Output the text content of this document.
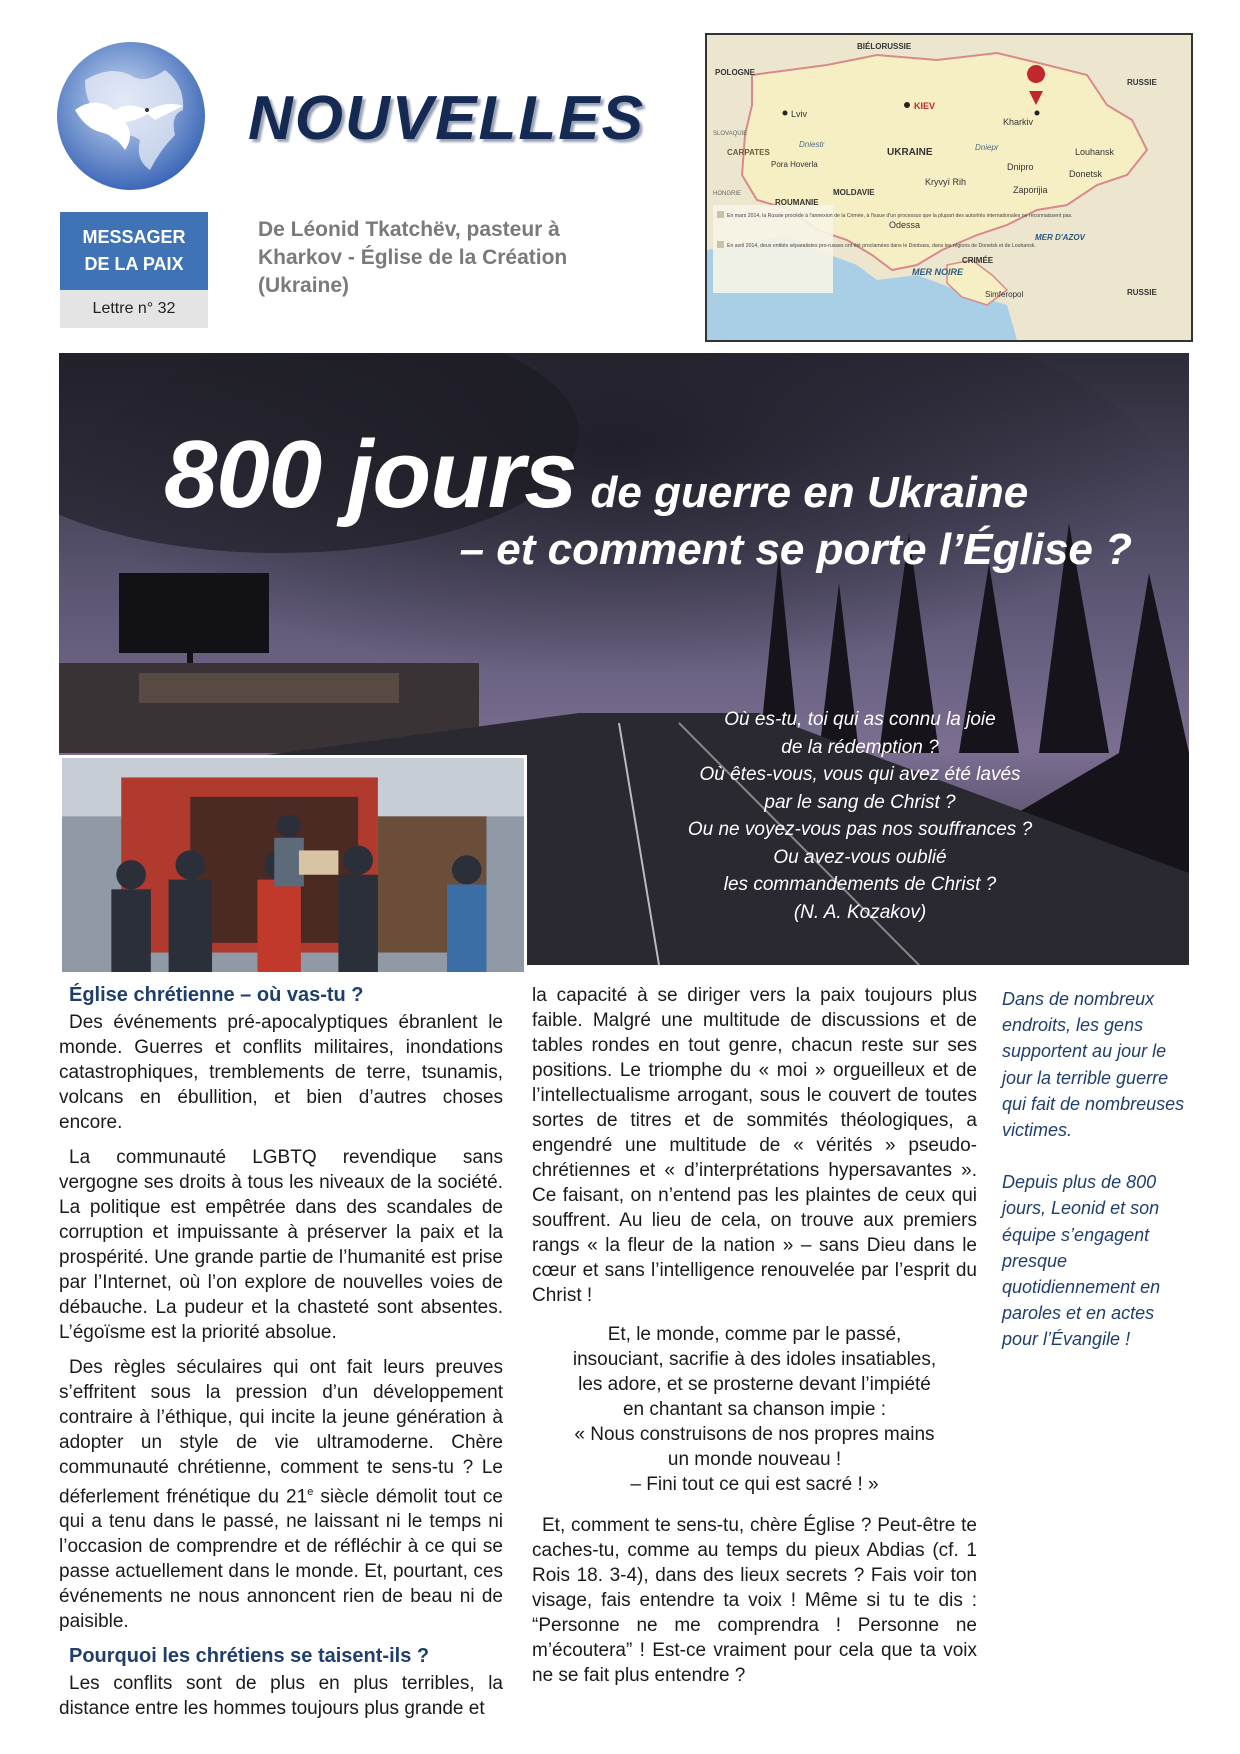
NOUVELLES
MESSAGER
DE LA PAIX
Lettre n° 32
De Léonid Tkatchëv, pasteur à
Kharkov - Église de la Création
(Ukraine)
En mars 2014, la Russie procède à l'annexion de la Crimée, à l'issue d'un processus que la plupart des autorités internationales ne reconnaissent pas.
En avril 2014, deux entités séparatistes pro-russes ont été proclamées dans le Donbass, dans les régions de Donetsk et de Louhansk.
BIÉLORUSSIE
POLOGNE
RUSSIE
RUSSIE
KIEV
Lviv
Kharkiv
UKRAINE	Louhansk
Donetsk
Dnipro
Dniepr
Dniestr
Zaporijia
Kryvyï Rih
Odessa
MOLDAVIE
ROUMANIE
CARPATES
Pora Hoverla
SLOVAQUIE
HONGRIE
MER D'AZOV
MER NOIRE
CRIMÉE
Simferopol
800 jours de guerre en Ukraine
– et comment se porte l’Église ?
Où es-tu, toi qui as connu la joie
de la rédemption ?
Où êtes-vous, vous qui avez été lavés
par le sang de Christ ?
Ou ne voyez-vous pas nos souffrances ?
Ou avez-vous oublié
les commandements de Christ ?
(N. A. Kozakov)
Église chrétienne – où vas-tu ?

Des événements pré-apocalyptiques ébranlent le monde. Guerres et conflits militaires, inondations catastrophiques, tremblements de terre, tsunamis, volcans en ébullition, et bien d’autres choses encore.

La communauté LGBTQ revendique sans vergogne ses droits à tous les niveaux de la société. La politique est empêtrée dans des scandales de corruption et impuissante à préserver la paix et la prospérité. Une grande partie de l’humanité est prise par l’Internet, où l’on explore de nouvelles voies de débauche. La pudeur et la chasteté sont absentes. L’égoïsme est la priorité absolue.

Des règles séculaires qui ont fait leurs preuves s’effritent sous la pression d’un développement contraire à l’éthique, qui incite la jeune génération à adopter un style de vie ultramoderne. Chère communauté chrétienne, comment te sens-tu ? Le déferlement frénétique du 21e siècle démolit tout ce qui a tenu dans le passé, ne laissant ni le temps ni l’occasion de comprendre et de réfléchir à ce qui se passe actuellement dans le monde. Et, pourtant, ces événements ne nous annoncent rien de beau ni de paisible.

Pourquoi les chrétiens se taisent-ils ?

Les conflits sont de plus en plus terribles, la distance entre les hommes toujours plus grande et

la capacité à se diriger vers la paix toujours plus faible. Malgré une multitude de discussions et de tables rondes en tout genre, chacun reste sur ses positions. Le triomphe du « moi » orgueilleux et de l’intellectualisme arrogant, sous le couvert de toutes sortes de titres et de sommités théologiques, a engendré une multitude de « vérités » pseudo-chrétiennes et « d’interprétations hypersavantes ». Ce faisant, on n’entend pas les plaintes de ceux qui souffrent. Au lieu de cela, on trouve aux premiers rangs « la fleur de la nation » – sans Dieu dans le cœur et sans l’intelligence renouvelée par l’esprit du Christ !

Et, le monde, comme par le passé,
insouciant, sacrifie à des idoles insatiables,
les adore, et se prosterne devant l’impiété
en chantant sa chanson impie :
« Nous construisons de nos propres mains
un monde nouveau !
– Fini tout ce qui est sacré ! »

Et, comment te sens-tu, chère Église ? Peut-être te caches-tu, comme au temps du pieux Abdias (cf. 1 Rois 18. 3-4), dans des lieux secrets ? Fais voir ton visage, fais entendre ta voix ! Même si tu te dis : “Personne ne me comprendra ! Personne ne m’écoutera” ! Est-ce vraiment pour cela que ta voix ne se fait plus entendre ?

Dans de nombreux endroits, les gens supportent au jour le jour la terrible guerre qui fait de nombreuses victimes.

Depuis plus de 800 jours, Leonid et son équipe s’engagent presque quotidiennement en paroles et en actes pour l’Évangile !
